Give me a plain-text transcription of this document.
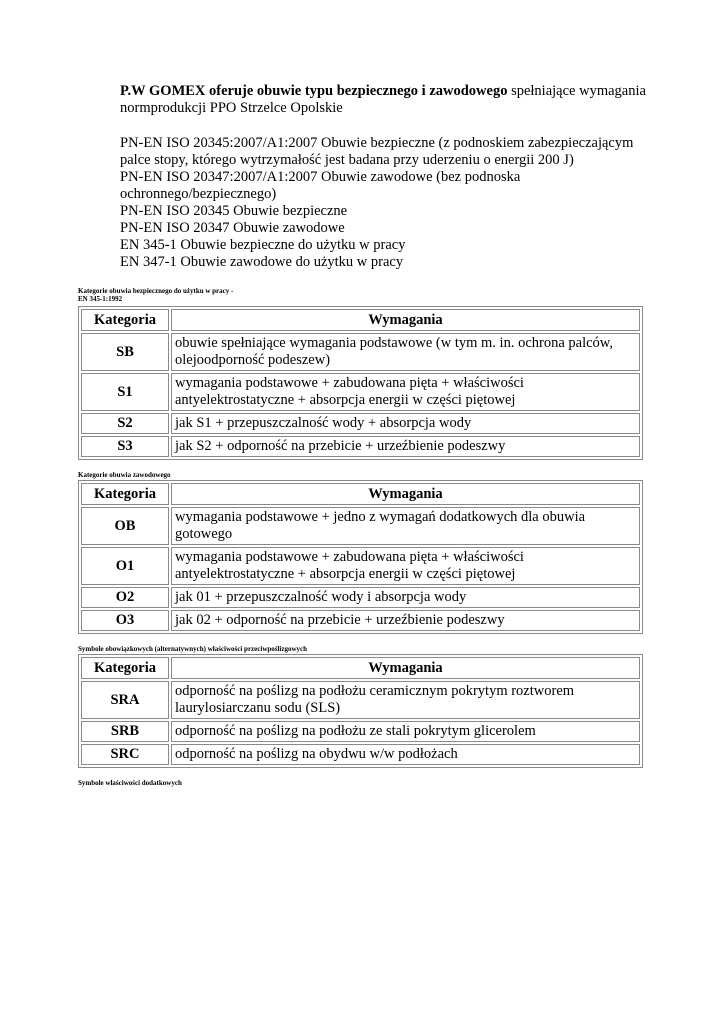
P.W GOMEX oferuje obuwie typu bezpiecznego i zawodowego spełniające wymagania normprodukcji PPO Strzelce Opolskie

PN-EN ISO 20345:2007/A1:2007 Obuwie bezpieczne (z podnoskiem zabezpieczającym palce stopy, którego wytrzymałość jest badana przy uderzeniu o energii 200 J)

PN-EN ISO 20347:2007/A1:2007 Obuwie zawodowe (bez podnoska ochronnego/bezpiecznego)

PN-EN ISO 20345 Obuwie bezpieczne

PN-EN ISO 20347 Obuwie zawodowe

EN 345-1 Obuwie bezpieczne do użytku w pracy

EN 347-1 Obuwie zawodowe do użytku w pracy

Kategorie obuwia bezpiecznego do użytku w pracy -
EN 345-1:1992
Kategoria	Wymagania
SB	obuwie spełniające wymagania podstawowe (w tym m. in. ochrona palców, olejoodporność podeszew)
S1	wymagania podstawowe + zabudowana pięta + właściwości antyelektrostatyczne + absorpcja energii w części piętowej
S2	jak S1 + przepuszczalność wody + absorpcja wody
S3	jak S2 + odporność na przebicie + urzeźbienie podeszwy
Kategorie obuwia zawodowego
Kategoria	Wymagania
OB	wymagania podstawowe + jedno z wymagań dodatkowych dla obuwia gotowego
O1	wymagania podstawowe + zabudowana pięta + właściwości antyelektrostatyczne + absorpcja energii w części piętowej
O2	jak 01 + przepuszczalność wody i absorpcja wody
O3	jak 02 + odporność na przebicie + urzeźbienie podeszwy
Symbole obowiązkowych (alternatywnych) właściwości przeciwpoślizgowych
Kategoria	Wymagania
SRA	odporność na poślizg na podłożu ceramicznym pokrytym roztworem laurylosiarczanu sodu (SLS)
SRB	odporność na poślizg na podłożu ze stali pokrytym glicerolem
SRC	odporność na poślizg na obydwu w/w podłożach
Symbole właściwości dodatkowych
